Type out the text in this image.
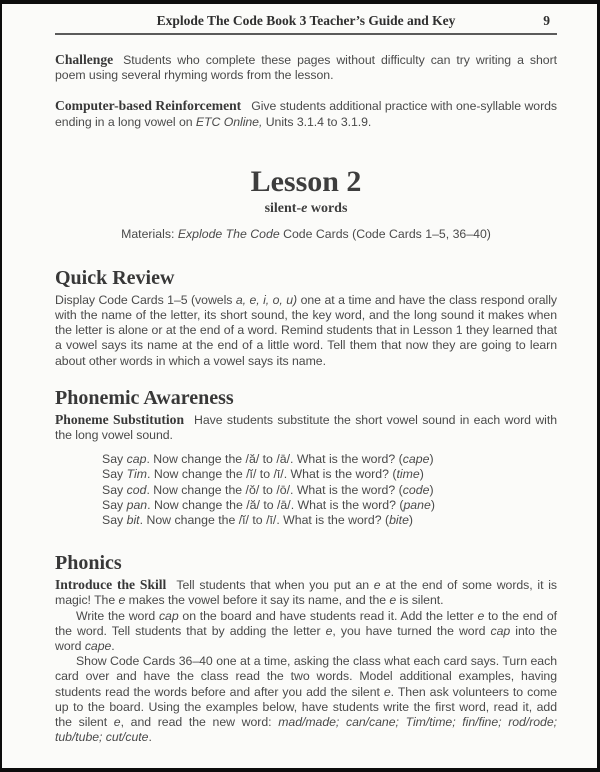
Explode The Code Book 3 Teacher’s Guide and Key	9

Challenge Students who complete these pages without difficulty can try writing a short poem using several rhyming words from the lesson.

Computer-based Reinforcement Give students additional practice with one-syllable words ending in a long vowel on ETC Online, Units 3.1.4 to 3.1.9.

Lesson 2
silent-e words
Materials: Explode The Code Code Cards (Code Cards 1–5, 36–40)
Quick Review

Display Code Cards 1–5 (vowels a, e, i, o, u) one at a time and have the class respond orally with the name of the letter, its short sound, the key word, and the long sound it makes when the letter is alone or at the end of a word. Remind students that in Lesson 1 they learned that a vowel says its name at the end of a little word. Tell them that now they are going to learn about other words in which a vowel says its name.

Phonemic Awareness

Phoneme Substitution Have students substitute the short vowel sound in each word with the long vowel sound.

Say cap. Now change the /ă/ to /ā/. What is the word? (cape)
Say Tim. Now change the /ĭ/ to /ī/. What is the word? (time)
Say cod. Now change the /ŏ/ to /ō/. What is the word? (code)
Say pan. Now change the /ă/ to /ā/. What is the word? (pane)
Say bit. Now change the /ĭ/ to /ī/. What is the word? (bite)
Phonics

Introduce the Skill Tell students that when you put an e at the end of some words, it is magic! The e makes the vowel before it say its name, and the e is silent.

Write the word cap on the board and have students read it. Add the letter e to the end of the word. Tell students that by adding the letter e, you have turned the word cap into the word cape.

Show Code Cards 36–40 one at a time, asking the class what each card says. Turn each card over and have the class read the two words. Model additional examples, having students read the words before and after you add the silent e. Then ask volunteers to come up to the board. Using the examples below, have students write the first word, read it, add the silent e, and read the new word: mad/made; can/cane; Tim/time; fin/fine; rod/rode; tub/tube; cut/cute.
